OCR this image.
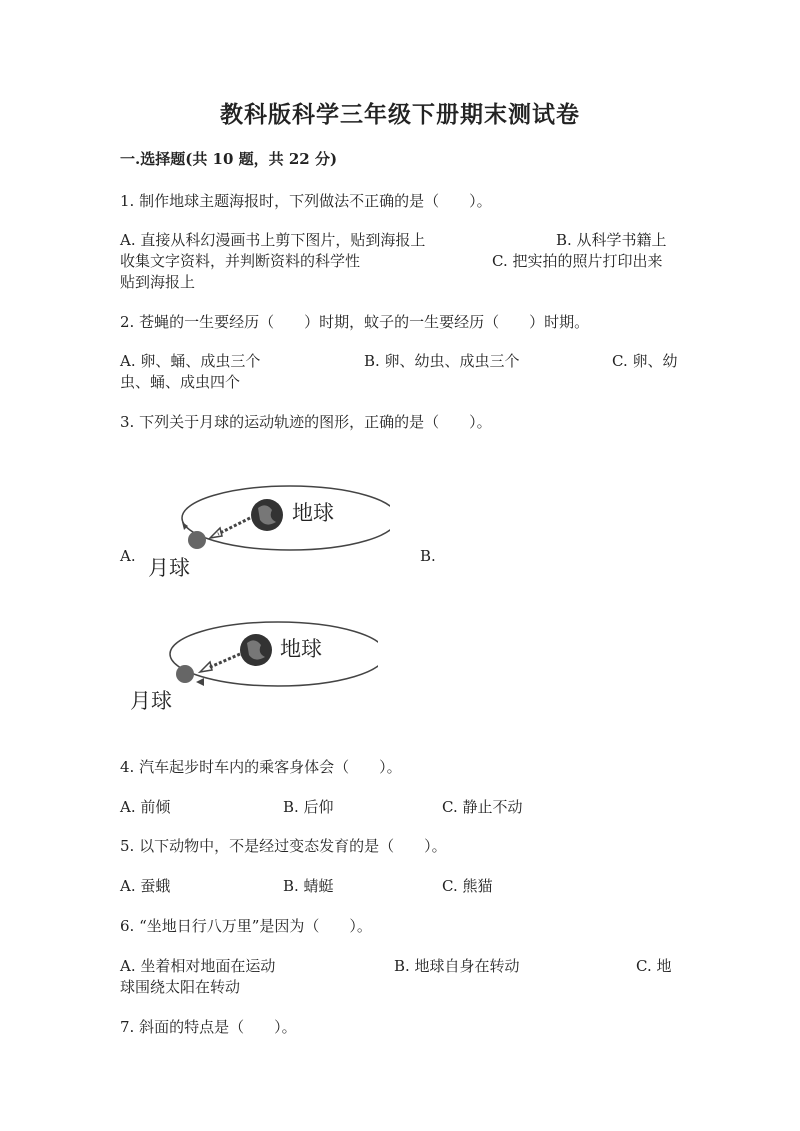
教科版科学三年级下册期末测试卷
一.选择题(共 10 题，共 22 分)
1. 制作地球主题海报时，下列做法不正确的是（　　）。
A. 直接从科幻漫画书上剪下图片，贴到海报上	B. 从科学书籍上
收集文字资料，并判断资料的科学性	C. 把实拍的照片打印出来
贴到海报上
2. 苍蝇的一生要经历（　　）时期，蚊子的一生要经历（　　）时期。
A. 卵、蛹、成虫三个	B. 卵、幼虫、成虫三个	C. 卵、幼
虫、蛹、成虫四个
3. 下列关于月球的运动轨迹的图形，正确的是（　　）。
A.	B.
地球
月球
地球
月球
4. 汽车起步时车内的乘客身体会（　　）。
A. 前倾	B. 后仰	C. 静止不动
5. 以下动物中，不是经过变态发育的是（　　）。
A. 蚕蛾	B. 蜻蜓	C. 熊猫
6. “坐地日行八万里”是因为（　　）。
A. 坐着相对地面在运动	B. 地球自身在转动	C. 地
球围绕太阳在转动
7. 斜面的特点是（　　）。
